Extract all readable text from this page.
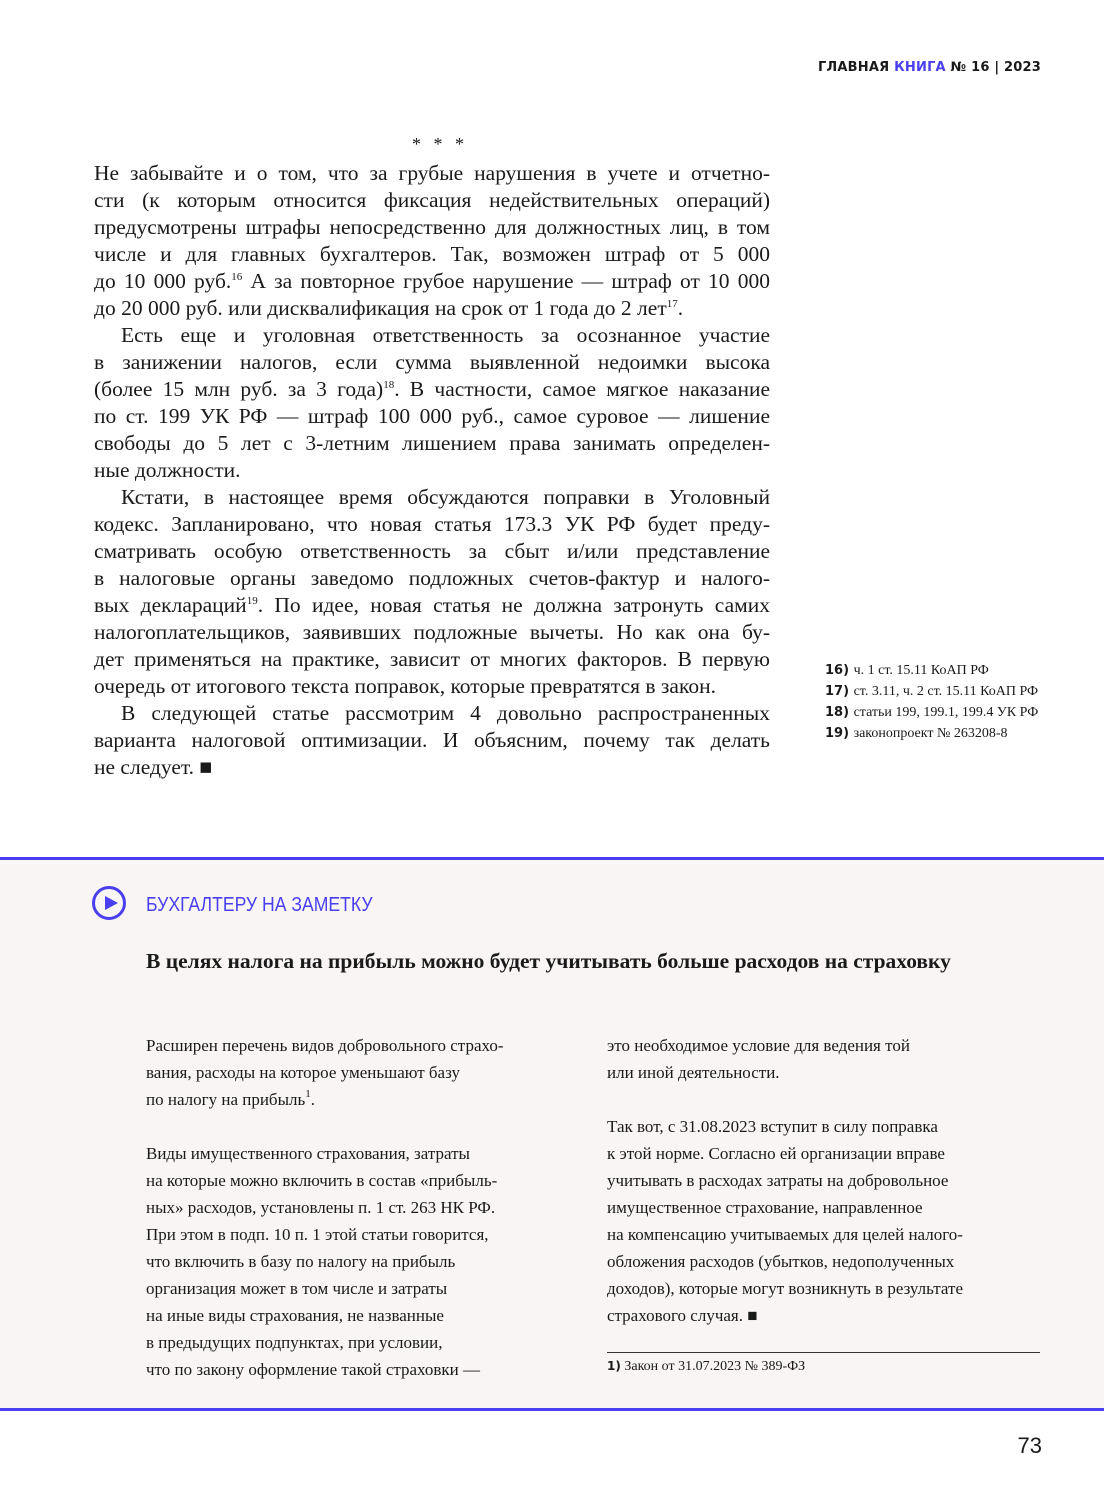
ГЛАВНАЯ КНИГА № 16 | 2023
* * *
Не забывайте и о том, что за грубые нарушения в учете и отчетно-
сти (к которым относится фиксация недействительных операций)
предусмотрены штрафы непосредственно для должностных лиц, в том
числе и для главных бухгалтеров. Так, возможен штраф от 5 000
до 10 000 руб.$^{16}$ А за повторное грубое нарушение — штраф от 10 000
до 20 000 руб. или дисквалификация на срок от 1 года до 2 лет$^{17}$.
Есть еще и уголовная ответственность за осознанное участие
в занижении налогов, если сумма выявленной недоимки высока
(более 15 млн руб. за 3 года)$^{18}$. В частности, самое мягкое наказание
по ст. 199 УК РФ — штраф 100 000 руб., самое суровое — лишение
свободы до 5 лет с 3-летним лишением права занимать определен-
ные должности.
Кстати, в настоящее время обсуждаются поправки в Уголовный
кодекс. Запланировано, что новая статья 173.3 УК РФ будет преду-
сматривать особую ответственность за сбыт и/или представление
в налоговые органы заведомо подложных счетов-фактур и налого-
вых деклараций$^{19}$. По идее, новая статья не должна затронуть самих
налогоплательщиков, заявивших подложные вычеты. Но как она бу-
дет применяться на практике, зависит от многих факторов. В первую
очередь от итогового текста поправок, которые превратятся в закон.
В следующей статье рассмотрим 4 довольно распространенных
варианта налоговой оптимизации. И объясним, почему так делать
не следует. ■
16) ч. 1 ст. 15.11 КоАП РФ
17) ст. 3.11, ч. 2 ст. 15.11 КоАП РФ
18) статьи 199, 199.1, 199.4 УК РФ
19) законопроект № 263208-8
БУХГАЛТЕРУ НА ЗАМЕТКУ
В целях налога на прибыль можно будет учитывать больше расходов на страховку
Расширен перечень видов добровольного страхо-
вания, расходы на которое уменьшают базу
по налогу на прибыль$^1$.
Виды имущественного страхования, затраты
на которые можно включить в состав «прибыль-
ных» расходов, установлены п. 1 ст. 263 НК РФ.
При этом в подп. 10 п. 1 этой статьи говорится,
что включить в базу по налогу на прибыль
организация может в том числе и затраты
на иные виды страхования, не названные
в предыдущих подпунктах, при условии,
что по закону оформление такой страховки —
это необходимое условие для ведения той
или иной деятельности.
Так вот, с 31.08.2023 вступит в силу поправка
к этой норме. Согласно ей организации вправе
учитывать в расходах затраты на добровольное
имущественное страхование, направленное
на компенсацию учитываемых для целей налого-
обложения расходов (убытков, недополученных
доходов), которые могут возникнуть в результате
страхового случая. ■
1) Закон от 31.07.2023 № 389-ФЗ
73
